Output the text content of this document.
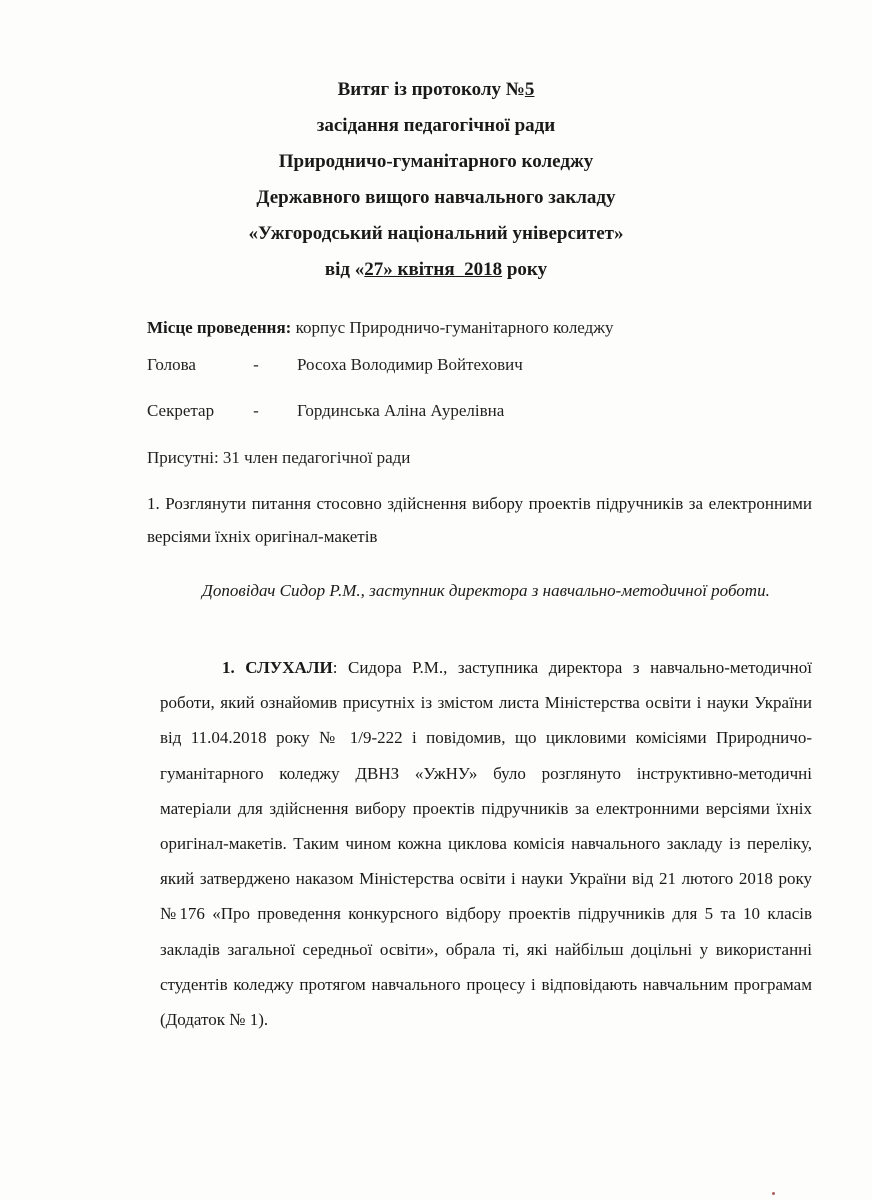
Витяг із протоколу №5
засідання педагогічної ради
Природничо-гуманітарного коледжу
Державного вищого навчального закладу
«Ужгородський національний університет»
від «27» квітня  2018 року
Місце проведення: корпус Природничо-гуманітарного коледжу
Голова	- Росоха Володимир Войтехович
Секретар - Гординська Аліна Аурелівна
Присутні: 31 член педагогічної ради
1. Розглянути питання стосовно здійснення вибору проектів підручників за електронними версіями їхніх оригінал-макетів
Доповідач Сидор Р.М., заступник директора з навчально-методичної роботи.
1. СЛУХАЛИ: Сидора Р.М., заступника директора з навчально-методичної роботи, який ознайомив присутніх із змістом листа Міністерства освіти і науки України від 11.04.2018 року № 1/9-222 і повідомив, що цикловими комісіями Природничо-гуманітарного коледжу ДВНЗ «УжНУ» було розглянуто інструктивно-методичні матеріали для здійснення вибору проектів підручників за електронними версіями їхніх оригінал-макетів. Таким чином кожна циклова комісія навчального закладу із переліку, який затверджено наказом Міністерства освіти і науки України від 21 лютого 2018 року №176 «Про проведення конкурсного відбору проектів підручників для 5 та 10 класів закладів загальної середньої освіти», обрала ті, які найбільш доцільні у використанні студентів коледжу протягом навчального процесу і відповідають навчальним програмам (Додаток № 1).
